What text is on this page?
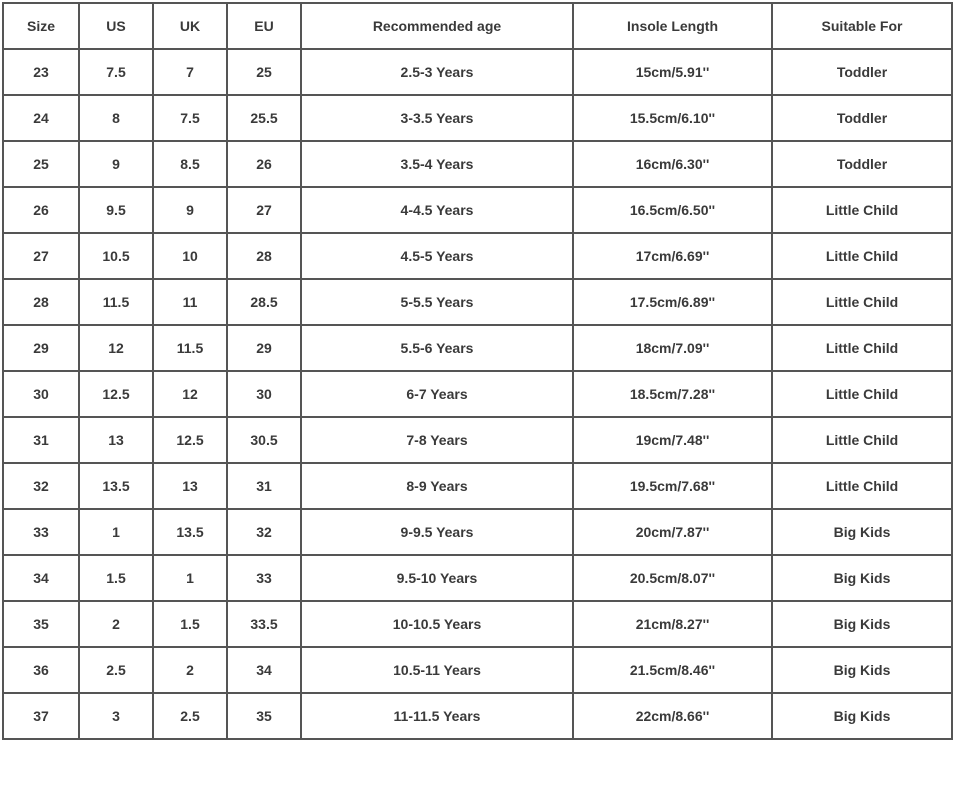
Size	US	UK	EU	Recommended age	Insole Length	Suitable For
23	7.5	7	25	2.5-3 Years	15cm/5.91''	Toddler
24	8	7.5	25.5	3-3.5 Years	15.5cm/6.10''	Toddler
25	9	8.5	26	3.5-4 Years	16cm/6.30''	Toddler
26	9.5	9	27	4-4.5 Years	16.5cm/6.50''	Little Child
27	10.5	10	28	4.5-5 Years	17cm/6.69''	Little Child
28	11.5	11	28.5	5-5.5 Years	17.5cm/6.89''	Little Child
29	12	11.5	29	5.5-6 Years	18cm/7.09''	Little Child
30	12.5	12	30	6-7 Years	18.5cm/7.28''	Little Child
31	13	12.5	30.5	7-8 Years	19cm/7.48''	Little Child
32	13.5	13	31	8-9 Years	19.5cm/7.68''	Little Child
33	1	13.5	32	9-9.5 Years	20cm/7.87''	Big Kids
34	1.5	1	33	9.5-10 Years	20.5cm/8.07''	Big Kids
35	2	1.5	33.5	10-10.5 Years	21cm/8.27''	Big Kids
36	2.5	2	34	10.5-11 Years	21.5cm/8.46''	Big Kids
37	3	2.5	35	11-11.5 Years	22cm/8.66''	Big Kids
